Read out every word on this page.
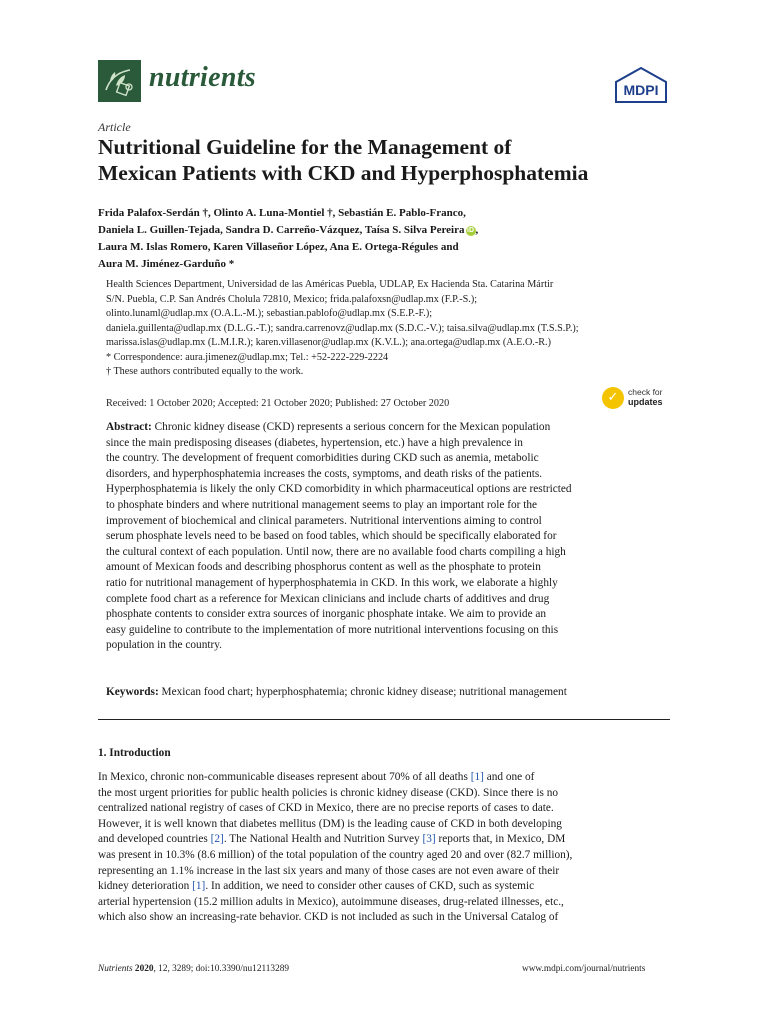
nutrients	MDPI
Article
Nutritional Guideline for the Management of
Mexican Patients with CKD and Hyperphosphatemia
Frida Palafox-Serdán †, Olinto A. Luna-Montiel †, Sebastián E. Pablo-Franco,
Daniela L. Guillen-Tejada, Sandra D. Carreño-Vázquez, Taísa S. Silva Pereira iD ,
Laura M. Islas Romero, Karen Villaseñor López, Ana E. Ortega-Régules and
Aura M. Jiménez-Garduño *
Health Sciences Department, Universidad de las Américas Puebla, UDLAP, Ex Hacienda Sta. Catarina Mártir
S/N. Puebla, C.P. San Andrés Cholula 72810, Mexico; frida.palafoxsn@udlap.mx (F.P.-S.);
olinto.lunaml@udlap.mx (O.A.L.-M.); sebastian.pablofo@udlap.mx (S.E.P.-F.);
daniela.guillenta@udlap.mx (D.L.G.-T.); sandra.carrenovz@udlap.mx (S.D.C.-V.); taisa.silva@udlap.mx (T.S.S.P.);
marissa.islas@udlap.mx (L.M.I.R.); karen.villasenor@udlap.mx (K.V.L.); ana.ortega@udlap.mx (A.E.O.-R.)
* Correspondence: aura.jimenez@udlap.mx; Tel.: +52-222-229-2224
† These authors contributed equally to the work.
Received: 1 October 2020; Accepted: 21 October 2020; Published: 27 October 2020	✓	check for
updates
Abstract: Chronic kidney disease (CKD) represents a serious concern for the Mexican population
since the main predisposing diseases (diabetes, hypertension, etc.) have a high prevalence in
the country. The development of frequent comorbidities during CKD such as anemia, metabolic
disorders, and hyperphosphatemia increases the costs, symptoms, and death risks of the patients.
Hyperphosphatemia is likely the only CKD comorbidity in which pharmaceutical options are restricted
to phosphate binders and where nutritional management seems to play an important role for the
improvement of biochemical and clinical parameters. Nutritional interventions aiming to control
serum phosphate levels need to be based on food tables, which should be specifically elaborated for
the cultural context of each population. Until now, there are no available food charts compiling a high
amount of Mexican foods and describing phosphorus content as well as the phosphate to protein
ratio for nutritional management of hyperphosphatemia in CKD. In this work, we elaborate a highly
complete food chart as a reference for Mexican clinicians and include charts of additives and drug
phosphate contents to consider extra sources of inorganic phosphate intake. We aim to provide an
easy guideline to contribute to the implementation of more nutritional interventions focusing on this
population in the country.
Keywords: Mexican food chart; hyperphosphatemia; chronic kidney disease; nutritional management
1. Introduction
In Mexico, chronic non-communicable diseases represent about 70% of all deaths [1] and one of
the most urgent priorities for public health policies is chronic kidney disease (CKD). Since there is no
centralized national registry of cases of CKD in Mexico, there are no precise reports of cases to date.
However, it is well known that diabetes mellitus (DM) is the leading cause of CKD in both developing
and developed countries [2]. The National Health and Nutrition Survey [3] reports that, in Mexico, DM
was present in 10.3% (8.6 million) of the total population of the country aged 20 and over (82.7 million),
representing an 1.1% increase in the last six years and many of those cases are not even aware of their
kidney deterioration [1]. In addition, we need to consider other causes of CKD, such as systemic
arterial hypertension (15.2 million adults in Mexico), autoimmune diseases, drug-related illnesses, etc.,
which also show an increasing-rate behavior. CKD is not included as such in the Universal Catalog of
Nutrients 2020, 12, 3289; doi:10.3390/nu12113289	www.mdpi.com/journal/nutrients
